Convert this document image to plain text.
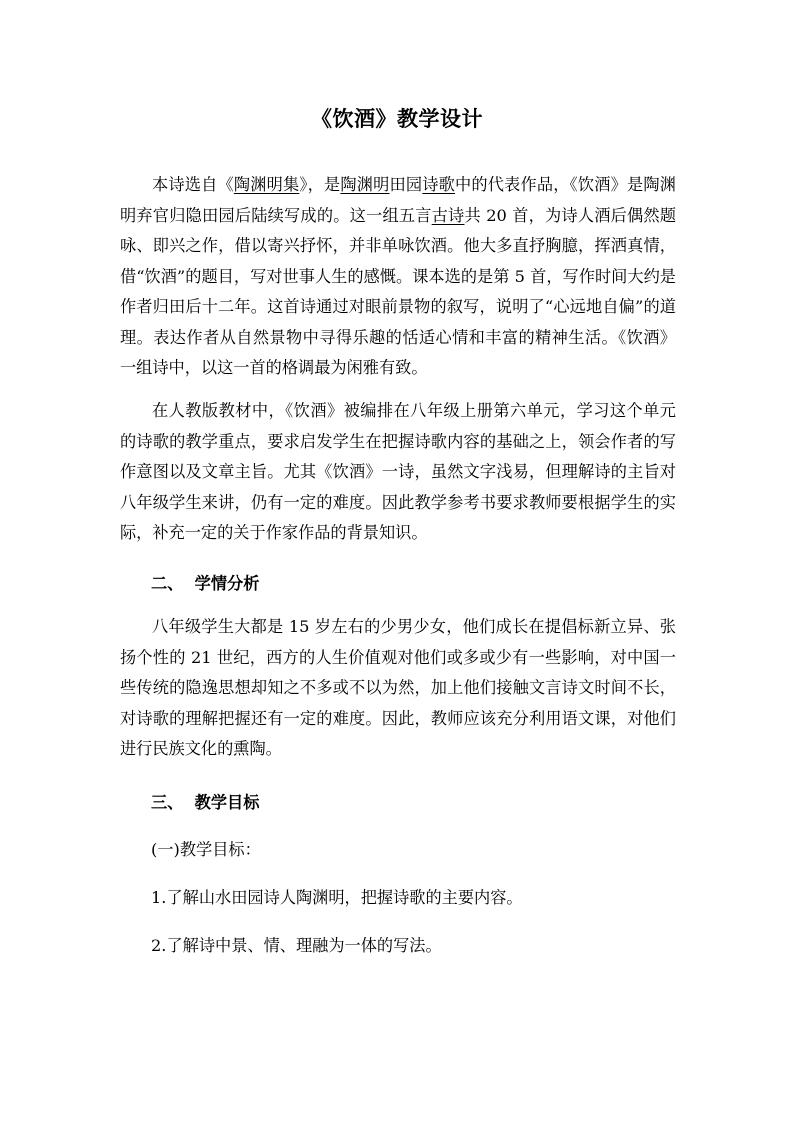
《饮酒》教学设计

本诗选自《陶渊明集》，是陶渊明田园诗歌中的代表作品，《饮酒》是陶渊明弃官归隐田园后陆续写成的。这一组五言古诗共 20 首，为诗人酒后偶然题咏、即兴之作，借以寄兴抒怀，并非单咏饮酒。他大多直抒胸臆，挥洒真情，借“饮酒”的题目，写对世事人生的感慨。课本选的是第 5 首，写作时间大约是作者归田后十二年。这首诗通过对眼前景物的叙写，说明了“心远地自偏”的道理。表达作者从自然景物中寻得乐趣的恬适心情和丰富的精神生活。《饮酒》一组诗中，以这一首的格调最为闲雅有致。

在人教版教材中，《饮酒》被编排在八年级上册第六单元，学习这个单元的诗歌的教学重点，要求启发学生在把握诗歌内容的基础之上，领会作者的写作意图以及文章主旨。尤其《饮酒》一诗，虽然文字浅易，但理解诗的主旨对八年级学生来讲，仍有一定的难度。因此教学参考书要求教师要根据学生的实际，补充一定的关于作家作品的背景知识。

二、  学情分析

八年级学生大都是 15 岁左右的少男少女，他们成长在提倡标新立异、张扬个性的 21 世纪，西方的人生价值观对他们或多或少有一些影响，对中国一些传统的隐逸思想却知之不多或不以为然，加上他们接触文言诗文时间不长，对诗歌的理解把握还有一定的难度。因此，教师应该充分利用语文课，对他们进行民族文化的熏陶。

三、  教学目标

(一)教学目标：

1.了解山水田园诗人陶渊明，把握诗歌的主要内容。

2.了解诗中景、情、理融为一体的写法。
